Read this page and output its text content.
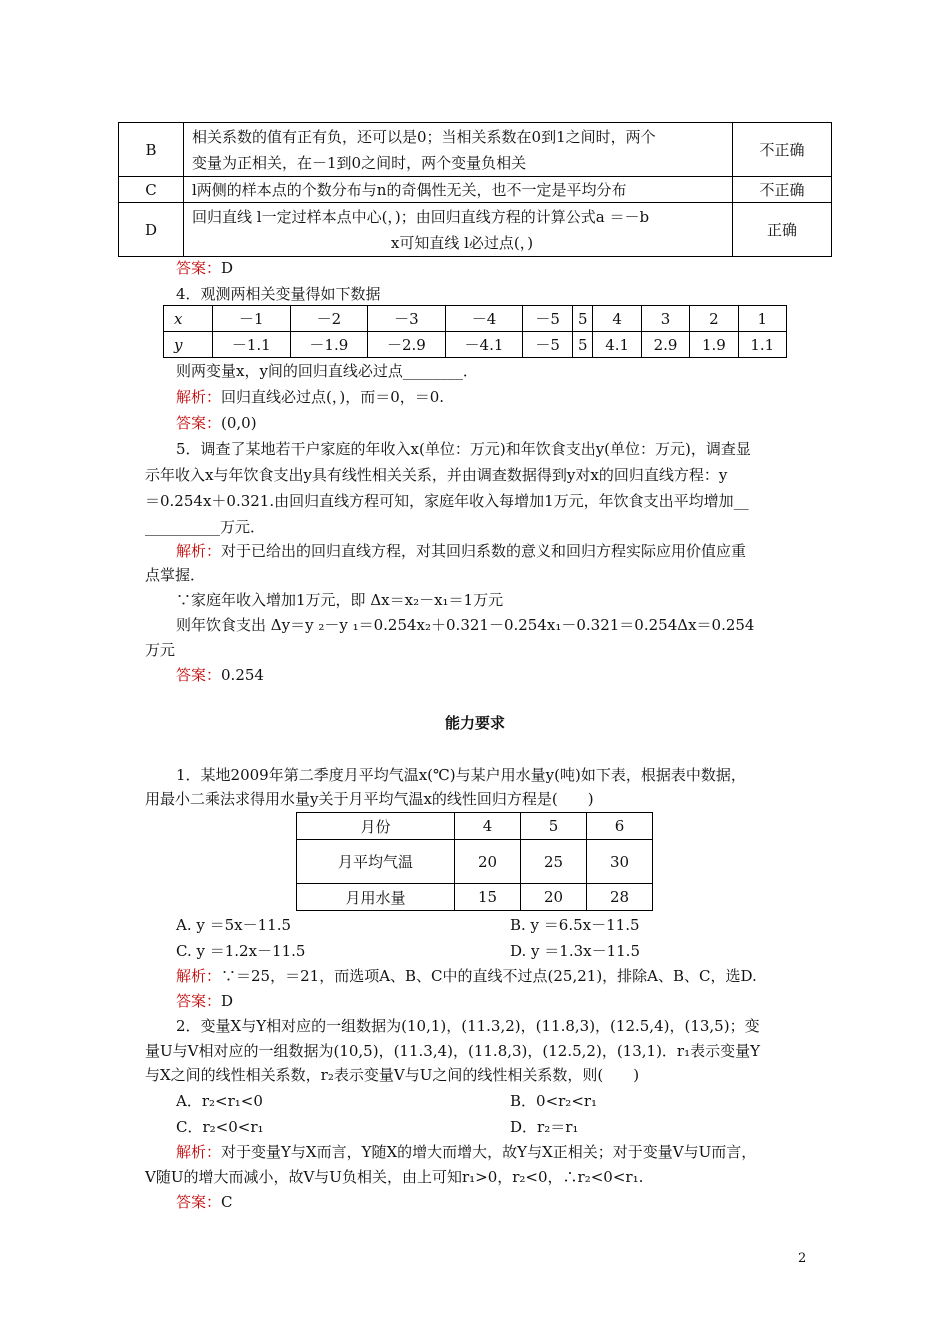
B	相关系数的值有正有负，还可以是0；当相关系数在0到1之间时，两个
变量为正相关，在－1到0之间时，两个变量负相关	不正确
C	l两侧的样本点的个数分布与n的奇偶性无关，也不一定是平均分布	不正确
D	回归直线 l一定过样本点中心(，)；由回归直线方程的计算公式a ＝－b
x可知直线 l必过点(，)	正确
答案：D
4．观测两相关变量得如下数据
x	－1	－2	－3	－4	－5	5	4	3	2	1
y	－1.1	－1.9	－2.9	－4.1	－5	5	4.1	2.9	1.9	1.1
则两变量x，y间的回归直线必过点________．
解析：回归直线必过点(，)，而＝0，＝0.
答案：(0,0)
5．调查了某地若干户家庭的年收入x(单位：万元)和年饮食支出y(单位：万元)，调查显
示年收入x与年饮食支出y具有线性相关关系，并由调查数据得到y对x的回归直线方程：y
＝0.254x＋0.321.由回归直线方程可知，家庭年收入每增加1万元，年饮食支出平均增加__
__________万元．
解析：对于已给出的回归直线方程，对其回归系数的意义和回归方程实际应用价值应重
点掌握．
∵家庭年收入增加1万元，即 Δx＝x₂－x₁＝1万元
则年饮食支出 Δy＝y ₂－y ₁＝0.254x₂＋0.321－0.254x₁－0.321＝0.254Δx＝0.254
万元
答案：0.254
能力要求
1．某地2009年第二季度月平均气温x(℃)与某户用水量y(吨)如下表，根据表中数据，
用最小二乘法求得用水量y关于月平均气温x的线性回归方程是(　　)
月份	4	5	6
月平均气温	20	25	30
月用水量	15	20	28
A. y ＝5x－11.5	B. y ＝6.5x－11.5
C. y ＝1.2x－11.5	D. y ＝1.3x－11.5
解析：∵＝25，＝21，而选项A、B、C中的直线不过点(25,21)，排除A、B、C，选D.
答案：D
2．变量X与Y相对应的一组数据为(10,1)，(11.3,2)，(11.8,3)，(12.5,4)，(13,5)；变
量U与V相对应的一组数据为(10,5)，(11.3,4)，(11.8,3)，(12.5,2)，(13,1)．r₁表示变量Y
与X之间的线性相关系数，r₂表示变量V与U之间的线性相关系数，则(　　)
A．r₂<r₁<0	B．0<r₂<r₁
C．r₂<0<r₁	D．r₂＝r₁
解析：对于变量Y与X而言，Y随X的增大而增大，故Y与X正相关；对于变量V与U而言，
V随U的增大而减小，故V与U负相关，由上可知r₁>0，r₂<0，∴r₂<0<r₁.
答案：C
2
